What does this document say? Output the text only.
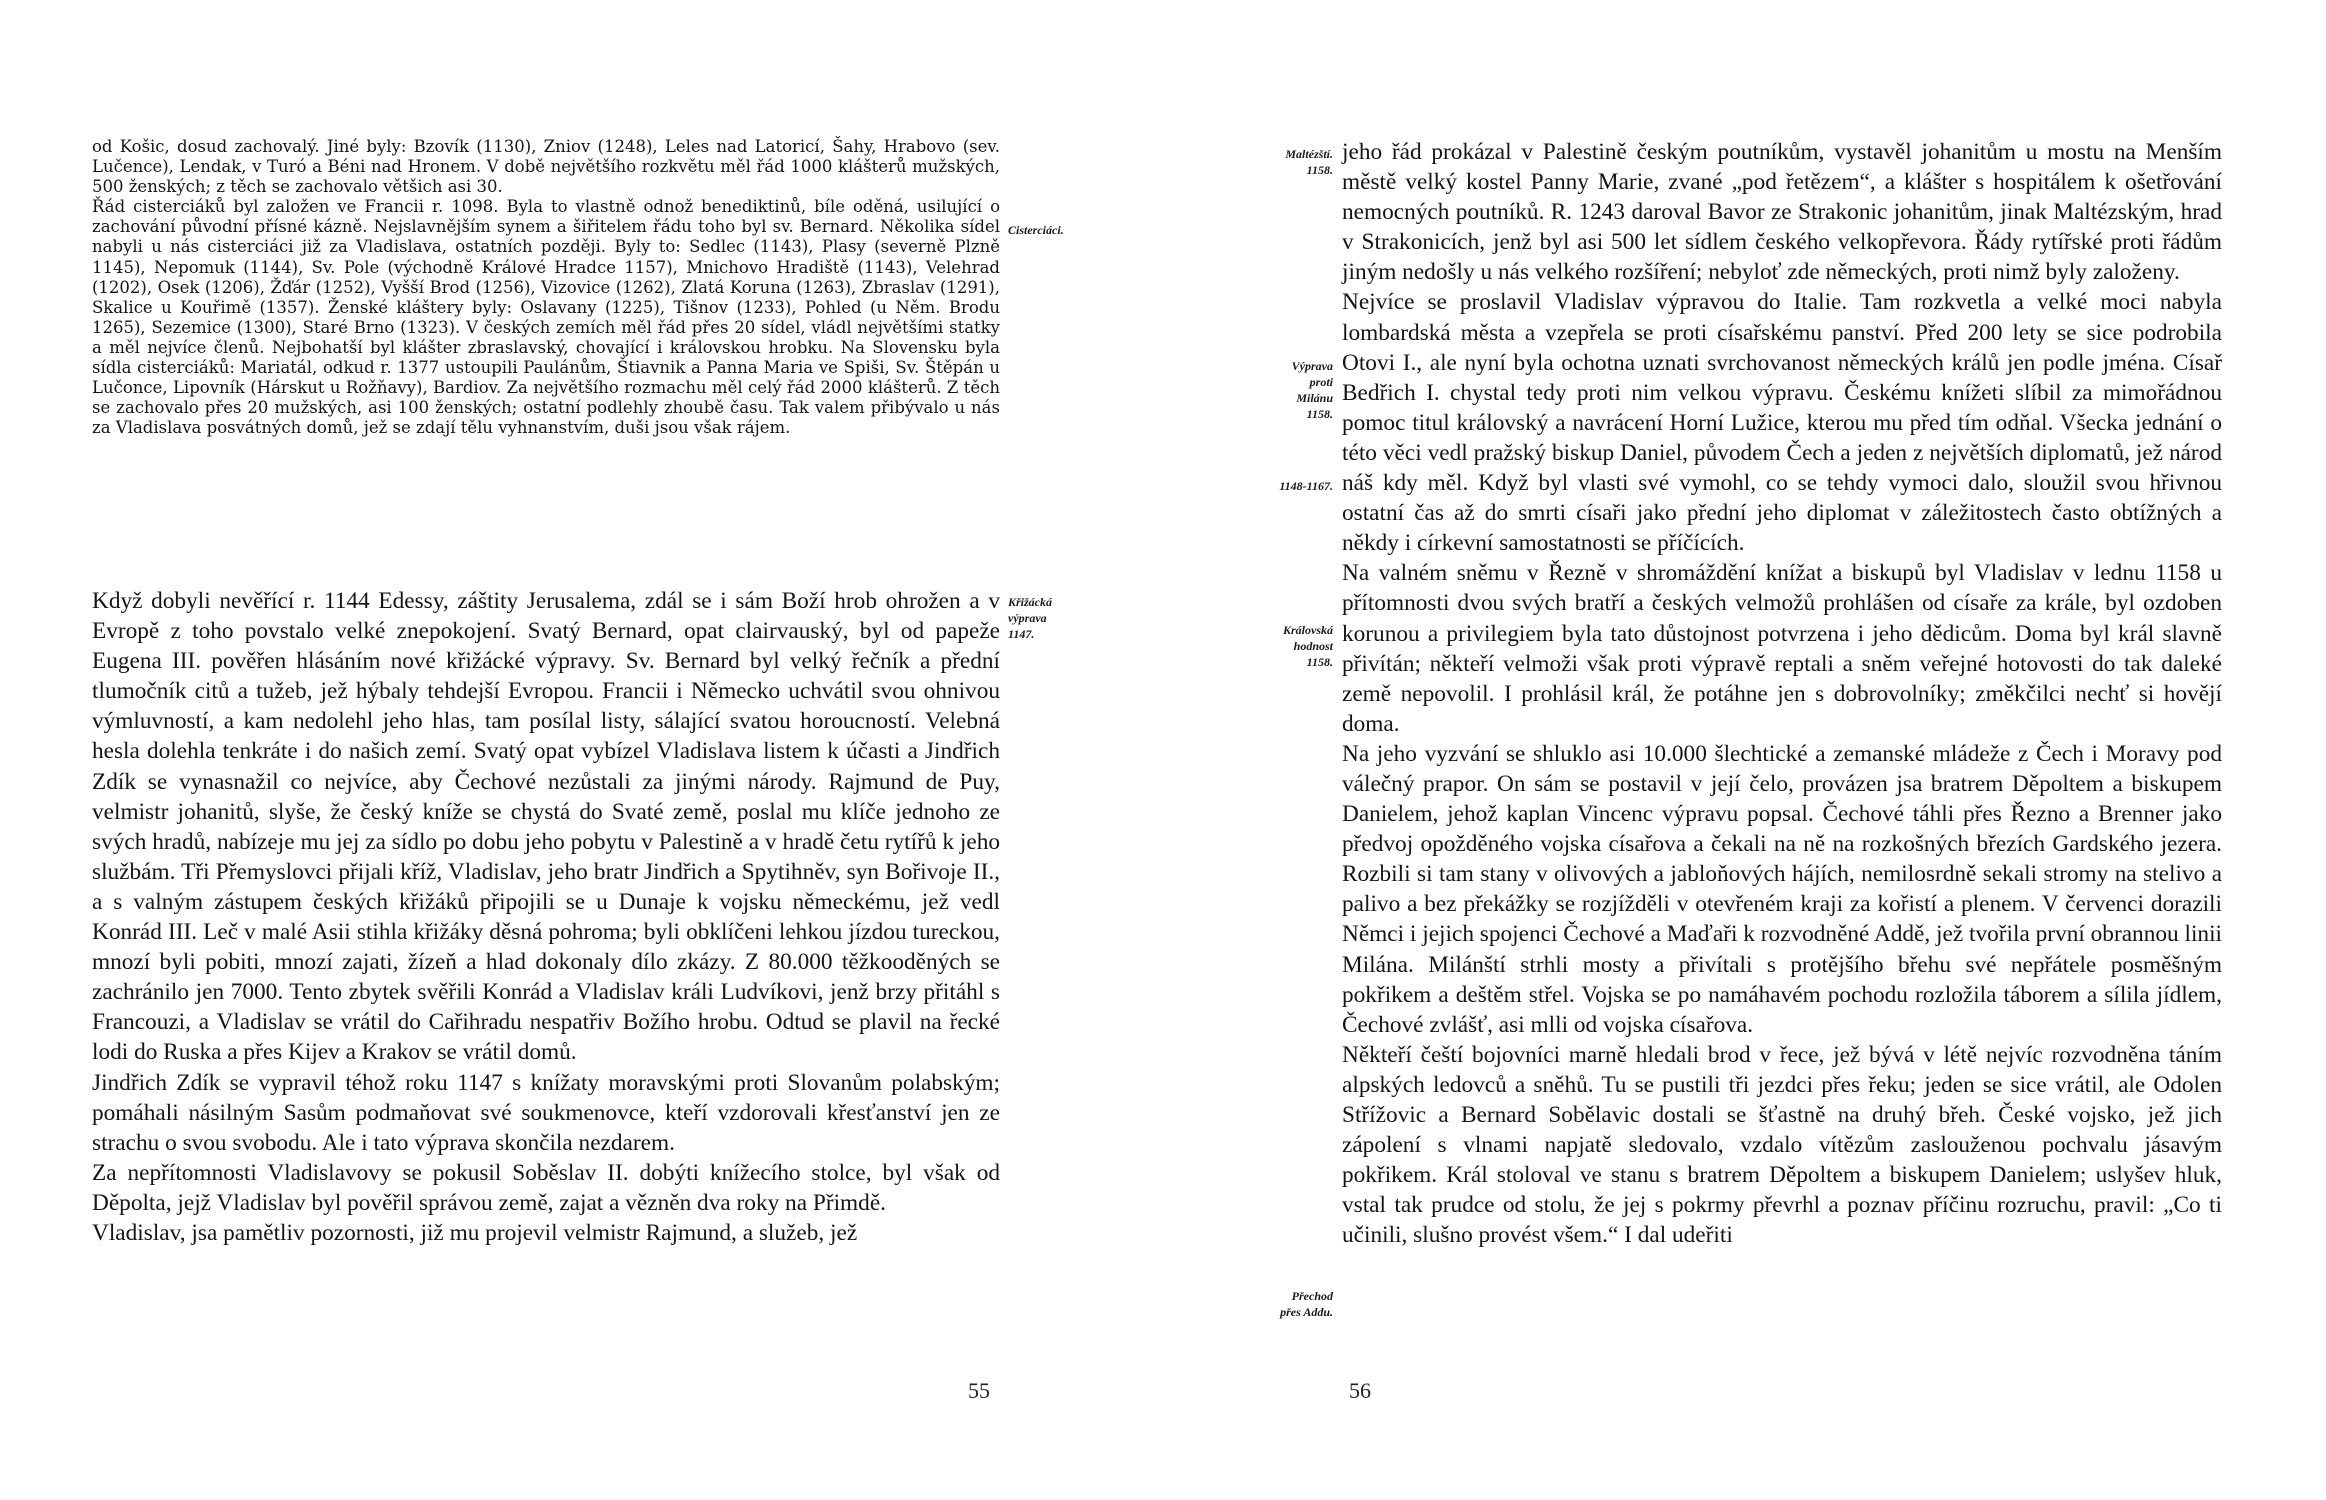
od Košic, dosud zachovalý. Jiné byly: Bzovík (1130), Zniov (1248), Leles nad Latoricí, Šahy, Hrabovo (sev. Lučence), Lendak, v Turó a Béni nad Hronem. V době největšího rozkvětu měl řád 1000 klášterů mužských, 500 ženských; z těch se zachovalo většich asi 30.

Řád cisterciáků byl založen ve Francii r. 1098. Byla to vlastně odnož benediktinů, bíle oděná, usilující o zachování původní přísné kázně. Nejslavnějším synem a šiřitelem řádu toho byl sv. Bernard. Několika sídel nabyli u nás cisterciáci již za Vladislava, ostatních později. Byly to: Sedlec (1143), Plasy (severně Plzně 1145), Nepomuk (1144), Sv. Pole (východně Králové Hradce 1157), Mnichovo Hradiště (1143), Velehrad (1202), Osek (1206), Žďár (1252), Vyšší Brod (1256), Vizovice (1262), Zlatá Koruna (1263), Zbraslav (1291), Skalice u Kouřimě (1357). Ženské kláštery byly: Oslavany (1225), Tišnov (1233), Pohled (u Něm. Brodu 1265), Sezemice (1300), Staré Brno (1323). V českých zemích měl řád přes 20 sídel, vládl největšími statky a měl nejvíce členů. Nejbohatší byl klášter zbraslavský, chovající i královskou hrobku. Na Slovensku byla sídla cisterciáků: Mariatál, odkud r. 1377 ustoupili Paulánům, Štiavnik a Panna Maria ve Spiši, Sv. Štěpán u Lučonce, Lipovník (Hárskut u Rožňavy), Bardiov. Za největšího rozmachu měl celý řád 2000 klášterů. Z těch se zachovalo přes 20 mužských, asi 100 ženských; ostatní podlehly zhoubě času. Tak valem přibývalo u nás za Vladislava posvátných domů, jež se zdají tělu vyhnanstvím, duši jsou však rájem.

Cisterciáci.

Když dobyli nevěřící r. 1144 Edessy, záštity Jerusalema, zdál se i sám Boží hrob ohrožen a v Evropě z toho povstalo velké znepokojení. Svatý Bernard, opat clairvauský, byl od papeže Eugena III. pověřen hlásáním nové křižácké výpravy. Sv. Bernard byl velký řečník a přední tlumočník citů a tužeb, jež hýbaly tehdejší Evropou. Francii i Německo uchvátil svou ohnivou výmluvností, a kam nedolehl jeho hlas, tam posílal listy, sálající svatou horoucností. Velebná hesla dolehla tenkráte i do našich zemí. Svatý opat vybízel Vladislava listem k účasti a Jindřich Zdík se vynasnažil co nejvíce, aby Čechové nezůstali za jinými národy. Rajmund de Puy, velmistr johanitů, slyše, že český kníže se chystá do Svaté země, poslal mu klíče jednoho ze svých hradů, nabízeje mu jej za sídlo po dobu jeho pobytu v Palestině a v hradě četu rytířů k jeho službám. Tři Přemyslovci přijali kříž, Vladislav, jeho bratr Jindřich a Spytihněv, syn Bořivoje II., a s valným zástupem českých křižáků připojili se u Dunaje k vojsku německému, jež vedl Konrád III. Leč v malé Asii stihla křižáky děsná pohroma; byli obklíčeni lehkou jízdou tureckou, mnozí byli pobiti, mnozí zajati, žízeň a hlad dokonaly dílo zkázy. Z 80.000 těžkooděných se zachránilo jen 7000. Tento zbytek svěřili Konrád a Vladislav králi Ludvíkovi, jenž brzy přitáhl s Francouzi, a Vladislav se vrátil do Cařihradu nespatřiv Božího hrobu. Odtud se plavil na řecké lodi do Ruska a přes Kijev a Krakov se vrátil domů.

Jindřich Zdík se vypravil téhož roku 1147 s knížaty moravskými proti Slovanům polabským; pomáhali násilným Sasům podmaňovat své soukmenovce, kteří vzdorovali křesťanství jen ze strachu o svou svobodu. Ale i tato výprava skončila nezdarem.

Za nepřítomnosti Vladislavovy se pokusil Soběslav II. dobýti knížecího stolce, byl však od Děpolta, jejž Vladislav byl pověřil správou země, zajat a vězněn dva roky na Přimdě.

Vladislav, jsa pamětliv pozornosti, již mu projevil velmistr Rajmund, a služeb, jež

Křižácká
výprava
1147.
55

jeho řád prokázal v Palestině českým poutníkům, vystavěl johanitům u mostu na Menším městě velký kostel Panny Marie, zvané „pod řetězem“, a klášter s hospitálem k ošetřování nemocných poutníků. R. 1243 daroval Bavor ze Strakonic johanitům, jinak Maltézským, hrad v Strakonicích, jenž byl asi 500 let sídlem českého velkopřevora. Řády rytířské proti řádům jiným nedošly u nás velkého rozšíření; nebyloť zde německých, proti nimž byly založeny.

Nejvíce se proslavil Vladislav výpravou do Italie. Tam rozkvetla a velké moci nabyla lombardská města a vzepřela se proti císařskému panství. Před 200 lety se sice podrobila Otovi I., ale nyní byla ochotna uznati svrchovanost německých králů jen podle jména. Císař Bedřich I. chystal tedy proti nim velkou výpravu. Českému knížeti slíbil za mimořádnou pomoc titul královský a navrácení Horní Lužice, kterou mu před tím odňal. Všecka jednání o této věci vedl pražský biskup Daniel, původem Čech a jeden z největších diplomatů, jež národ náš kdy měl. Když byl vlasti své vymohl, co se tehdy vymoci dalo, sloužil svou hřivnou ostatní čas až do smrti císaři jako přední jeho diplomat v záležitostech často obtížných a někdy i církevní samostatnosti se příčících.

Na valném sněmu v Řezně v shromáždění knížat a biskupů byl Vladislav v lednu 1158 u přítomnosti dvou svých bratří a českých velmožů prohlášen od císaře za krále, byl ozdoben korunou a privilegiem byla tato důstojnost potvrzena i jeho dědicům. Doma byl král slavně přivítán; někteří velmoži však proti výpravě reptali a sněm veřejné hotovosti do tak daleké země nepovolil. I prohlásil král, že potáhne jen s dobrovolníky; změkčilci nechť si hovějí doma.

Na jeho vyzvání se shluklo asi 10.000 šlechtické a zemanské mládeže z Čech i Moravy pod válečný prapor. On sám se postavil v její čelo, provázen jsa bratrem Děpoltem a biskupem Danielem, jehož kaplan Vincenc výpravu popsal. Čechové táhli přes Řezno a Brenner jako předvoj opožděného vojska císařova a čekali na ně na rozkošných březích Gardského jezera. Rozbili si tam stany v olivových a jabloňových hájích, nemilosrdně sekali stromy na stelivo a palivo a bez překážky se rozjížděli v otevřeném kraji za kořistí a plenem. V červenci dorazili Němci i jejich spojenci Čechové a Maďaři k rozvodněné Addě, jež tvořila první obrannou linii Milána. Milánští strhli mosty a přivítali s protějšího břehu své nepřátele posměšným pokřikem a deštěm střel. Vojska se po namáhavém pochodu rozložila táborem a sílila jídlem, Čechové zvlášť, asi mlli od vojska císařova.

Někteří čeští bojovníci marně hledali brod v řece, jež bývá v létě nejvíc rozvodněna táním alpských ledovců a sněhů. Tu se pustili tři jezdci přes řeku; jeden se sice vrátil, ale Odolen Střížovic a Bernard Sobělavic dostali se šťastně na druhý břeh. České vojsko, jež jich zápolení s vlnami napjatě sledovalo, vzdalo vítězům zaslouženou pochvalu jásavým pokřikem. Král stoloval ve stanu s bratrem Děpoltem a biskupem Danielem; uslyšev hluk, vstal tak prudce od stolu, že jej s pokrmy převrhl a poznav příčinu rozruchu, pravil: „Co ti učinili, slušno provést všem.“ I dal udeřiti

Maltézští.
1158.
Výprava
proti
Milánu
1158.
1148-1167.
Královská
hodnost
1158.
Přechod
přes Addu.
56
